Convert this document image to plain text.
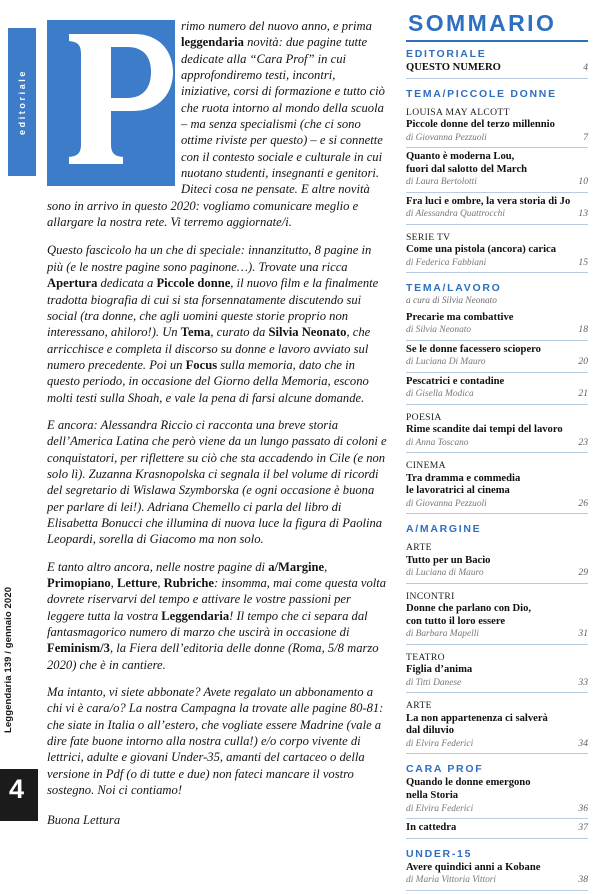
editoriale
Leggendaria 139 / gennaio 2020
4

rimo numero del nuovo anno, e prima leggendaria novità: due pagine tutte dedicate alla “Cara Prof” in cui approfondiremo testi, incontri, iniziative, corsi di formazione e tutto ciò che ruota intorno al mondo della scuola – ma senza specialismi (che ci sono ottime riviste per questo) – e si connette con il contesto sociale e culturale in cui nuotano studenti, insegnanti e genitori. Diteci cosa ne pensate. E altre novità sono in arrivo in questo 2020: vogliamo comunicare meglio e allargare la nostra rete. Vi terremo aggiornate/i.

Questo fascicolo ha un che di speciale: innanzitutto, 8 pagine in più (e le nostre pagine sono paginone…). Trovate una ricca Apertura dedicata a Piccole donne, il nuovo film e la finalmente tradotta biografia di cui si sta forsennatamente discutendo sui social (tra donne, che agli uomini queste storie proprio non interessano, ahiloro!). Un Tema, curato da Silvia Neonato, che arricchisce e completa il discorso su donne e lavoro avviato sul numero precedente. Poi un Focus sulla memoria, dato che in questo periodo, in occasione del Giorno della Memoria, escono molti testi sulla Shoah, e vale la pena di farsi alcune domande.

E ancora: Alessandra Riccio ci racconta una breve storia dell’America Latina che però viene da un lungo passato di coloni e conquistatori, per riflettere su ciò che sta accadendo in Cile (e non solo lì). Zuzanna Krasnopolska ci segnala il bel volume di ricordi del segretario di Wislawa Szymborska (e ogni occasione è buona per parlare di lei!). Adriana Chemello ci parla del libro di Elisabetta Bonucci che illumina di nuova luce la figura di Paolina Leopardi, sorella di Giacomo ma non solo.

E tanto altro ancora, nelle nostre pagine di a/Margine, Primopiano, Letture, Rubriche: insomma, mai come questa volta dovrete riservarvi del tempo e attivare le vostre passioni per leggere tutta la vostra Leggendaria! Il tempo che ci separa dal fantasmagorico numero di marzo che uscirà in occasione di Feminism/3, la Fiera dell’editoria delle donne (Roma, 5/8 marzo 2020) che è in cantiere.

Ma intanto, vi siete abbonate? Avete regalato un abbonamento a chi vi è cara/o? La nostra Campagna la trovate alle pagine 80-81: che siate in Italia o all’estero, che vogliate essere Madrine (vale a dire fate buone intorno alla nostra culla!) e/o corpo vivente di lettrici, adulte e giovani Under-35, amanti del cartaceo o della versione in Pdf (o di tutte e due) non fateci mancare il vostro sostegno. Noi ci contiamo!

Buona Lettura

SOMMARIO
EDITORIALE
QUESTO NUMERO	4
TEMA/PICCOLE DONNE
LOUISA MAY ALCOTT
Piccole donne del terzo millennio
di Giovanna Pezzuoli	7
Quanto è moderna Lou,
fuori dal salotto del March
di Laura Bertolotti	10
Fra luci e ombre, la vera storia di Jo
di Alessandra Quattrocchi	13
SERIE TV
Come una pistola (ancora) carica
di Federica Fabbiani	15
TEMA/LAVORO
a cura di Silvia Neonato
Precarie ma combattive
di Silvia Neonato	18
Se le donne facessero sciopero
di Luciana Di Mauro	20
Pescatrici e contadine
di Gisella Modica	21
POESIA
Rime scandite dai tempi del lavoro
di Anna Toscano	23
CINEMA
Tra dramma e commedia
le lavoratrici al cinema
di Giovanna Pezzuoli	26
A/MARGINE
ARTE
Tutto per un Bacio
di Luciana di Mauro	29
INCONTRI
Donne che parlano con Dio,
con tutto il loro essere
di Barbara Mapelli	31
TEATRO
Figlia d’anima
di Titti Danese	33
ARTE
La non appartenenza ci salverà
dal diluvio
di Elvira Federici	34
CARA PROF
Quando le donne emergono
nella Storia
di Elvira Federici	36
In cattedra	37
UNDER-15
Avere quindici anni a Kobane
di Maria Vittoria Vittori	38
